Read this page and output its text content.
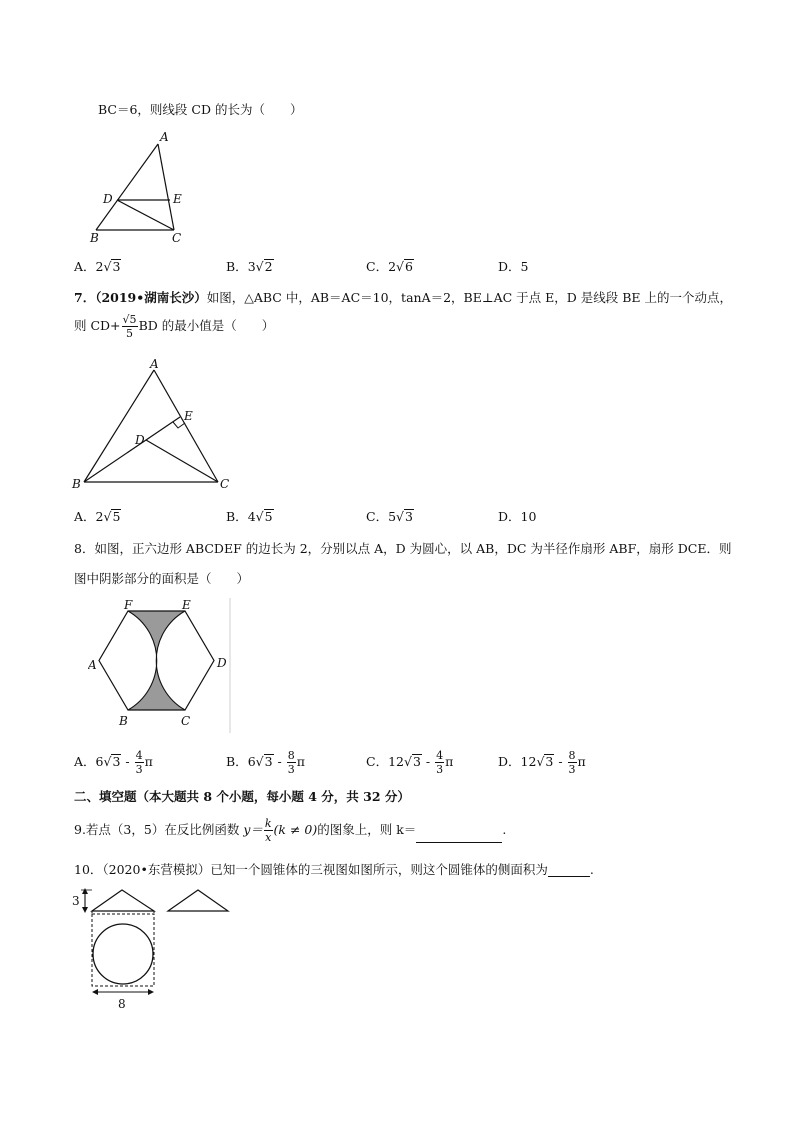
BC＝6，则线段 CD 的长为（　　）
A
D	E
B	C
A．2√3	B．3√2	C．2√6	D．5
7．（2019•湖南长沙）如图，△ABC 中，AB＝AC＝10，tanA＝2，BE⊥AC 于点 E，D 是线段 BE 上的一个动点，
则 $CD+ \frac{√5}{5}$ BD 的最小值是（　　）
A
E
D
B	C
A．2√5	B．4√5	C．5√3	D．10
8．如图，正六边形 ABCDEF 的边长为 2，分别以点 A，D 为圆心，以 AB，DC 为半径作扇形 ABF，扇形 DCE．则
图中阴影部分的面积是（　　）
F	E
A	D
B	C
A．$6√3 - \frac{4}{3}$ π	B．$6√3 - \frac{8}{3}$ π	C．$12√3 - \frac{4}{3}$ π	D．$12√3 - \frac{8}{3}$ π
二、填空题（本大题共 8 个小题，每小题 4 分，共 32 分）
9.若点（3，5）在反比例函数 $y= \frac{k}{x} (k \ne 0)$的图象上，则 k＝	.
10．（2020•东营模拟）已知一个圆锥体的三视图如图所示，则这个圆锥体的侧面积为	.
3
8
